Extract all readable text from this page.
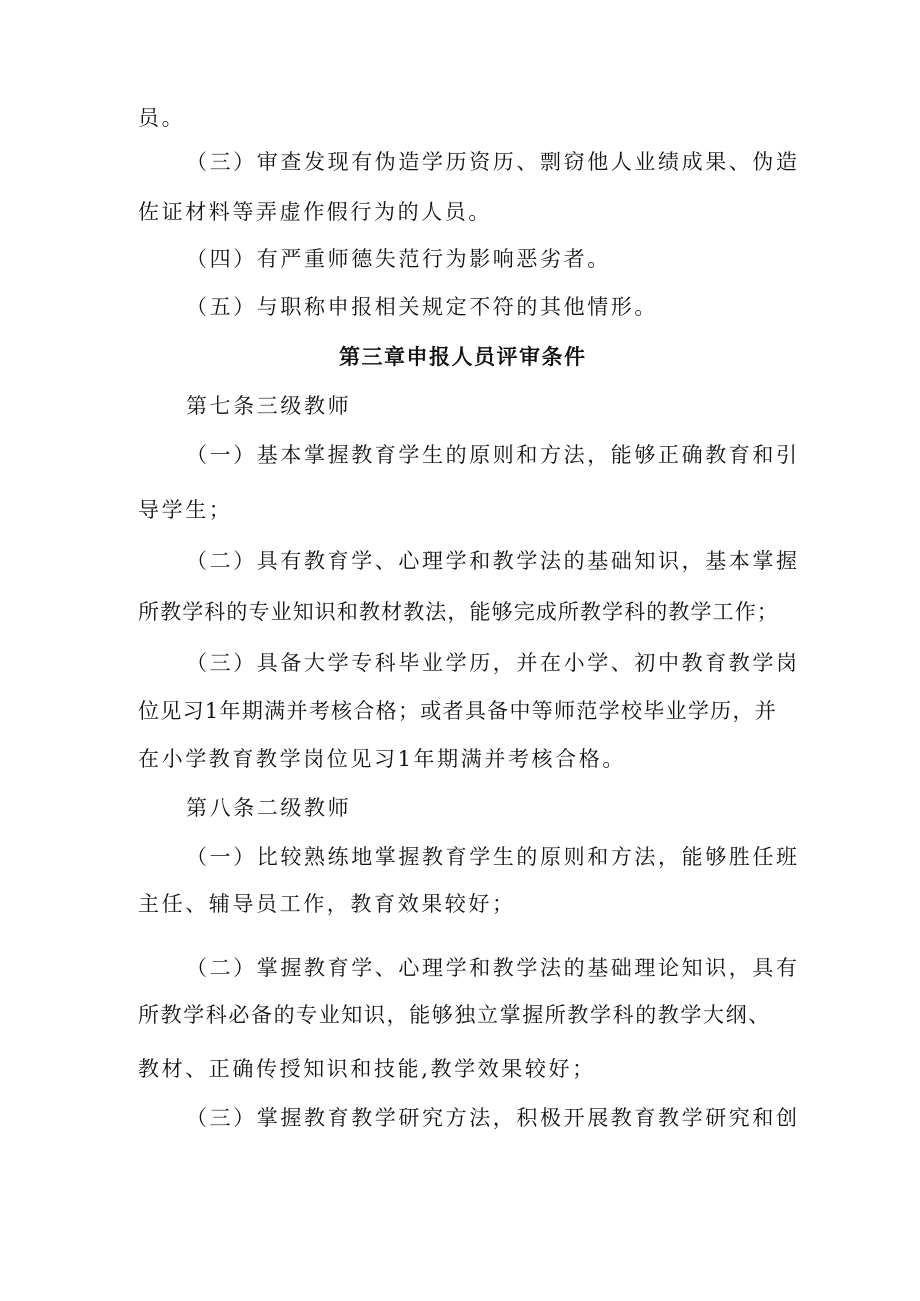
员。
（三）审查发现有伪造学历资历、剽窃他人业绩成果、伪造
佐证材料等弄虚作假行为的人员。
（四）有严重师德失范行为影响恶劣者。
（五）与职称申报相关规定不符的其他情形。
第三章申报人员评审条件
第七条三级教师
（一）基本掌握教育学生的原则和方法，能够正确教育和引
导学生；
（二）具有教育学、心理学和教学法的基础知识，基本掌握
所教学科的专业知识和教材教法，能够完成所教学科的教学工作；
（三）具备大学专科毕业学历，并在小学、初中教育教学岗
位见习1年期满并考核合格；或者具备中等师范学校毕业学历，并
在小学教育教学岗位见习1年期满并考核合格。
第八条二级教师
（一）比较熟练地掌握教育学生的原则和方法，能够胜任班
主任、辅导员工作，教育效果较好；
（二）掌握教育学、心理学和教学法的基础理论知识，具有
所教学科必备的专业知识，能够独立掌握所教学科的教学大纲、
教材、正确传授知识和技能,教学效果较好；
（三）掌握教育教学研究方法，积极开展教育教学研究和创
